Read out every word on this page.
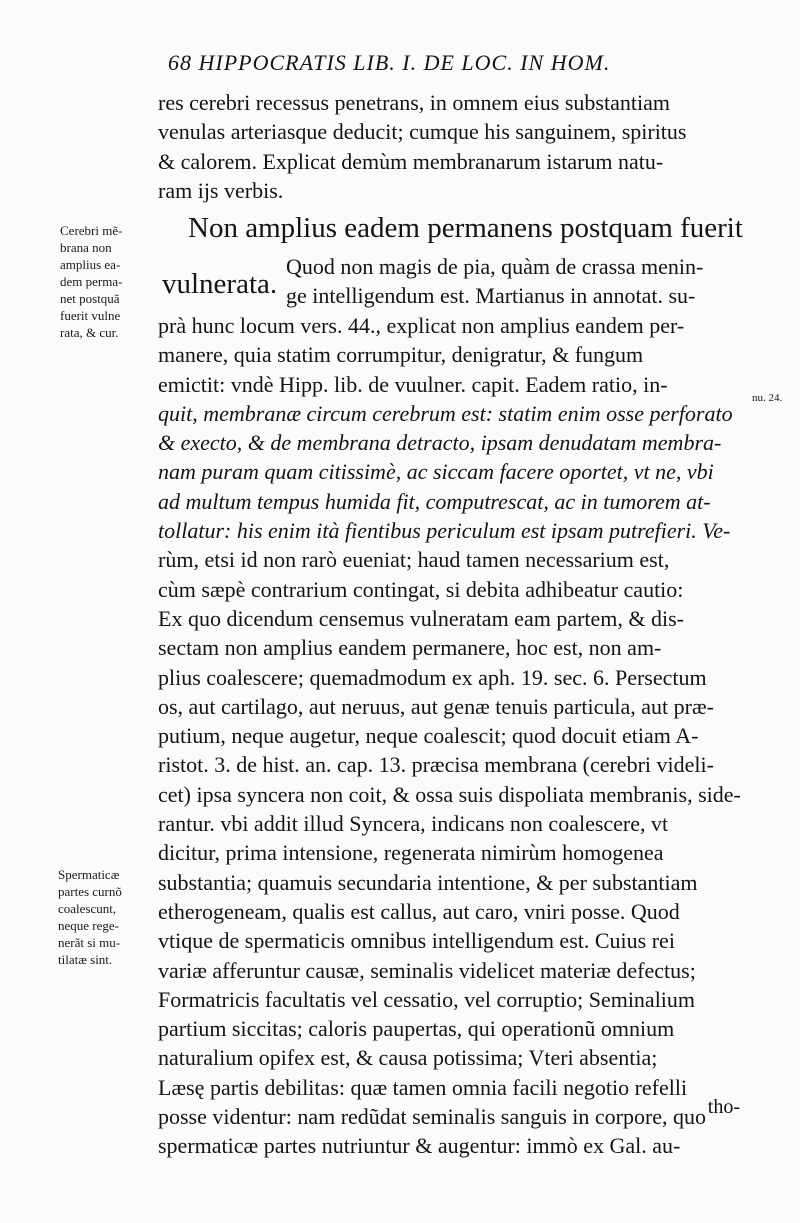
68 HIPPOCRATIS LIB. I. DE LOC. IN HOM.

res cerebri recessus penetrans, in omnem eius substantiam
venulas arteriasque deducit; cumque his sanguinem, spiritus
& calorem. Explicat demùm membranarum istarum natu-
ram ijs verbis.
Non amplius eadem permanens postquam fuerit
vulnerata.
Quod non magis de pia, quàm de crassa menin-
ge intelligendum est. Martianus in annotat. su-
prà hunc locum vers. 44., explicat non amplius eandem per-
manere, quia statim corrumpitur, denigratur, & fungum
emictit: vndè Hipp. lib. de vuulner. capit. Eadem ratio, in-
quit, membranæ circum cerebrum est: statim enim osse perforato
& execto, & de membrana detracto, ipsam denudatam membra-
nam puram quam citissimè, ac siccam facere oportet, vt ne, vbi
ad multum tempus humida fit, computrescat, ac in tumorem at-
tollatur: his enim ità fientibus periculum est ipsam putrefieri. Ve-
rùm, etsi id non rarò eueniat; haud tamen necessarium est,
cùm sæpè contrarium contingat, si debita adhibeatur cautio:
Ex quo dicendum censemus vulneratam eam partem, & dis-
sectam non amplius eandem permanere, hoc est, non am-
plius coalescere; quemadmodum ex aph. 19. sec. 6. Persectum
os, aut cartilago, aut neruus, aut genæ tenuis particula, aut præ-
putium, neque augetur, neque coalescit; quod docuit etiam A-
ristot. 3. de hist. an. cap. 13. præcisa membrana (cerebri videli-
cet) ipsa syncera non coit, & ossa suis dispoliata membranis, side-
rantur. vbi addit illud Syncera, indicans non coalescere, vt
dicitur, prima intensione, regenerata nimirùm homogenea
substantia; quamuis secundaria intentione, & per substantiam
etherogeneam, qualis est callus, aut caro, vniri posse. Quod
vtique de spermaticis omnibus intelligendum est. Cuius rei
variæ afferuntur causæ, seminalis videlicet materiæ defectus;
Formatricis facultatis vel cessatio, vel corruptio; Seminalium
partium siccitas; caloris paupertas, qui operationũ omnium
naturalium opifex est, & causa potissima; Vteri absentia;
Læsę partis debilitas: quæ tamen omnia facili negotio refelli
posse videntur: nam redũdat seminalis sanguis in corpore, quo
spermaticæ partes nutriuntur & augentur: immò ex Gal. au-
Cerebri mẽ-
brana non
amplius ea-
dem perma-
net postquã
fuerit vulne
rata, & cur.
nu. 24.
Spermaticæ
partes curnõ
coalescunt,
neque rege-
nerãt si mu-
tilatæ sint.
tho-
